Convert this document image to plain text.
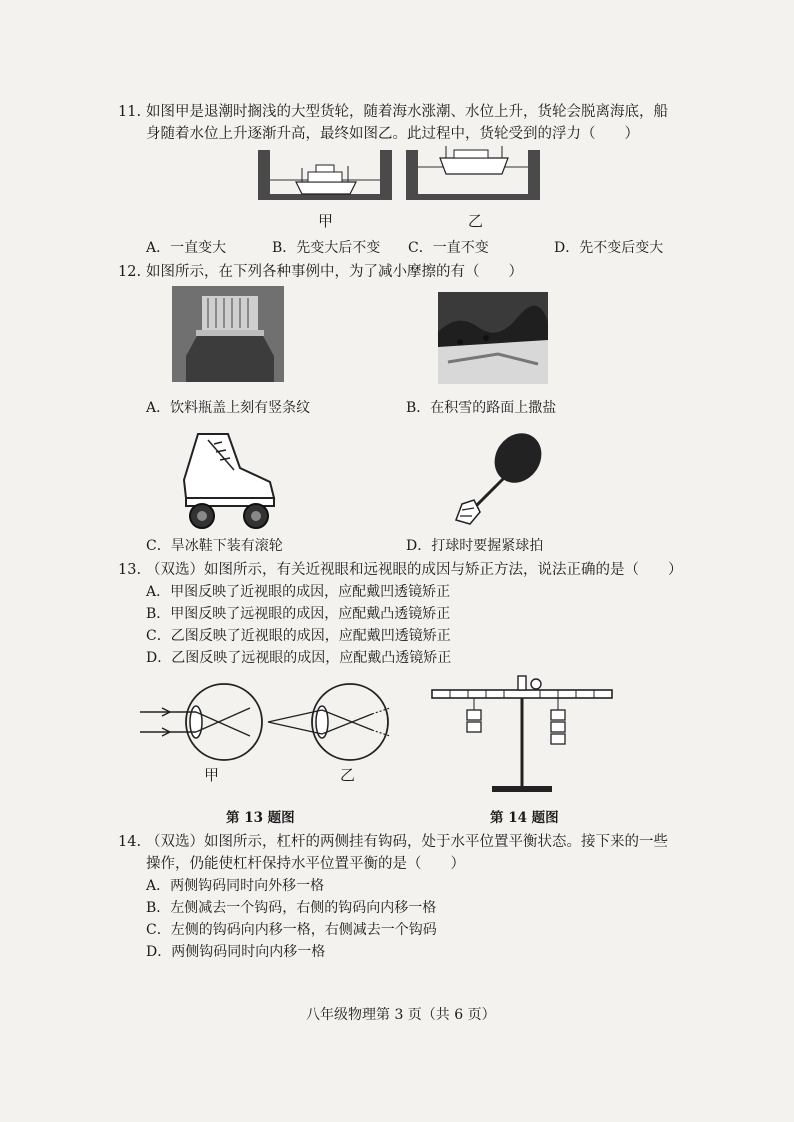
11. 如图甲是退潮时搁浅的大型货轮，随着海水涨潮、水位上升，货轮会脱离海底，船
身随着水位上升逐渐升高，最终如图乙。此过程中，货轮受到的浮力（　　）
甲	乙
A．一直变大	B．先变大后不变 C．一直不变	D．先不变后变大
12. 如图所示，在下列各种事例中，为了减小摩擦的有（　　）
A．饮料瓶盖上刻有竖条纹	B．在积雪的路面上撒盐
C．旱冰鞋下装有滚轮	D．打球时要握紧球拍
13. （双选）如图所示，有关近视眼和远视眼的成因与矫正方法，说法正确的是（　　）
A．甲图反映了近视眼的成因，应配戴凹透镜矫正
B．甲图反映了远视眼的成因，应配戴凸透镜矫正
C．乙图反映了近视眼的成因，应配戴凹透镜矫正
D．乙图反映了远视眼的成因，应配戴凸透镜矫正
甲	乙
第 13 题图	第 14 题图
14. （双选）如图所示，杠杆的两侧挂有钩码，处于水平位置平衡状态。接下来的一些
操作，仍能使杠杆保持水平位置平衡的是（　　）
A．两侧钩码同时向外移一格
B．左侧减去一个钩码，右侧的钩码向内移一格
C．左侧的钩码向内移一格，右侧减去一个钩码
D．两侧钩码同时向内移一格
八年级物理第 3 页（共 6 页）
